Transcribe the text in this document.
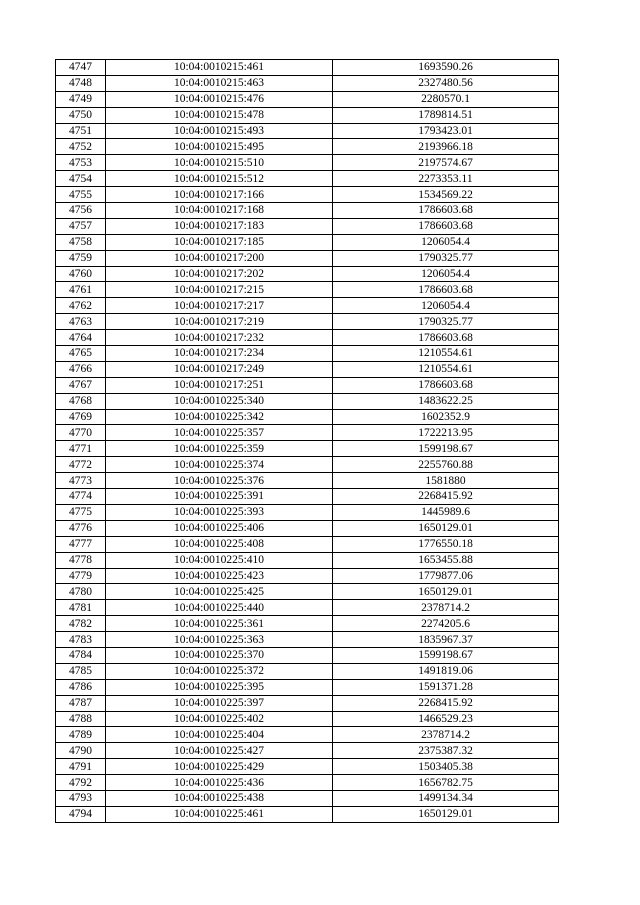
4747	10:04:0010215:461	1693590.26
4748	10:04:0010215:463	2327480.56
4749	10:04:0010215:476	2280570.1
4750	10:04:0010215:478	1789814.51
4751	10:04:0010215:493	1793423.01
4752	10:04:0010215:495	2193966.18
4753	10:04:0010215:510	2197574.67
4754	10:04:0010215:512	2273353.11
4755	10:04:0010217:166	1534569.22
4756	10:04:0010217:168	1786603.68
4757	10:04:0010217:183	1786603.68
4758	10:04:0010217:185	1206054.4
4759	10:04:0010217:200	1790325.77
4760	10:04:0010217:202	1206054.4
4761	10:04:0010217:215	1786603.68
4762	10:04:0010217:217	1206054.4
4763	10:04:0010217:219	1790325.77
4764	10:04:0010217:232	1786603.68
4765	10:04:0010217:234	1210554.61
4766	10:04:0010217:249	1210554.61
4767	10:04:0010217:251	1786603.68
4768	10:04:0010225:340	1483622.25
4769	10:04:0010225:342	1602352.9
4770	10:04:0010225:357	1722213.95
4771	10:04:0010225:359	1599198.67
4772	10:04:0010225:374	2255760.88
4773	10:04:0010225:376	1581880
4774	10:04:0010225:391	2268415.92
4775	10:04:0010225:393	1445989.6
4776	10:04:0010225:406	1650129.01
4777	10:04:0010225:408	1776550.18
4778	10:04:0010225:410	1653455.88
4779	10:04:0010225:423	1779877.06
4780	10:04:0010225:425	1650129.01
4781	10:04:0010225:440	2378714.2
4782	10:04:0010225:361	2274205.6
4783	10:04:0010225:363	1835967.37
4784	10:04:0010225:370	1599198.67
4785	10:04:0010225:372	1491819.06
4786	10:04:0010225:395	1591371.28
4787	10:04:0010225:397	2268415.92
4788	10:04:0010225:402	1466529.23
4789	10:04:0010225:404	2378714.2
4790	10:04:0010225:427	2375387.32
4791	10:04:0010225:429	1503405.38
4792	10:04:0010225:436	1656782.75
4793	10:04:0010225:438	1499134.34
4794	10:04:0010225:461	1650129.01
